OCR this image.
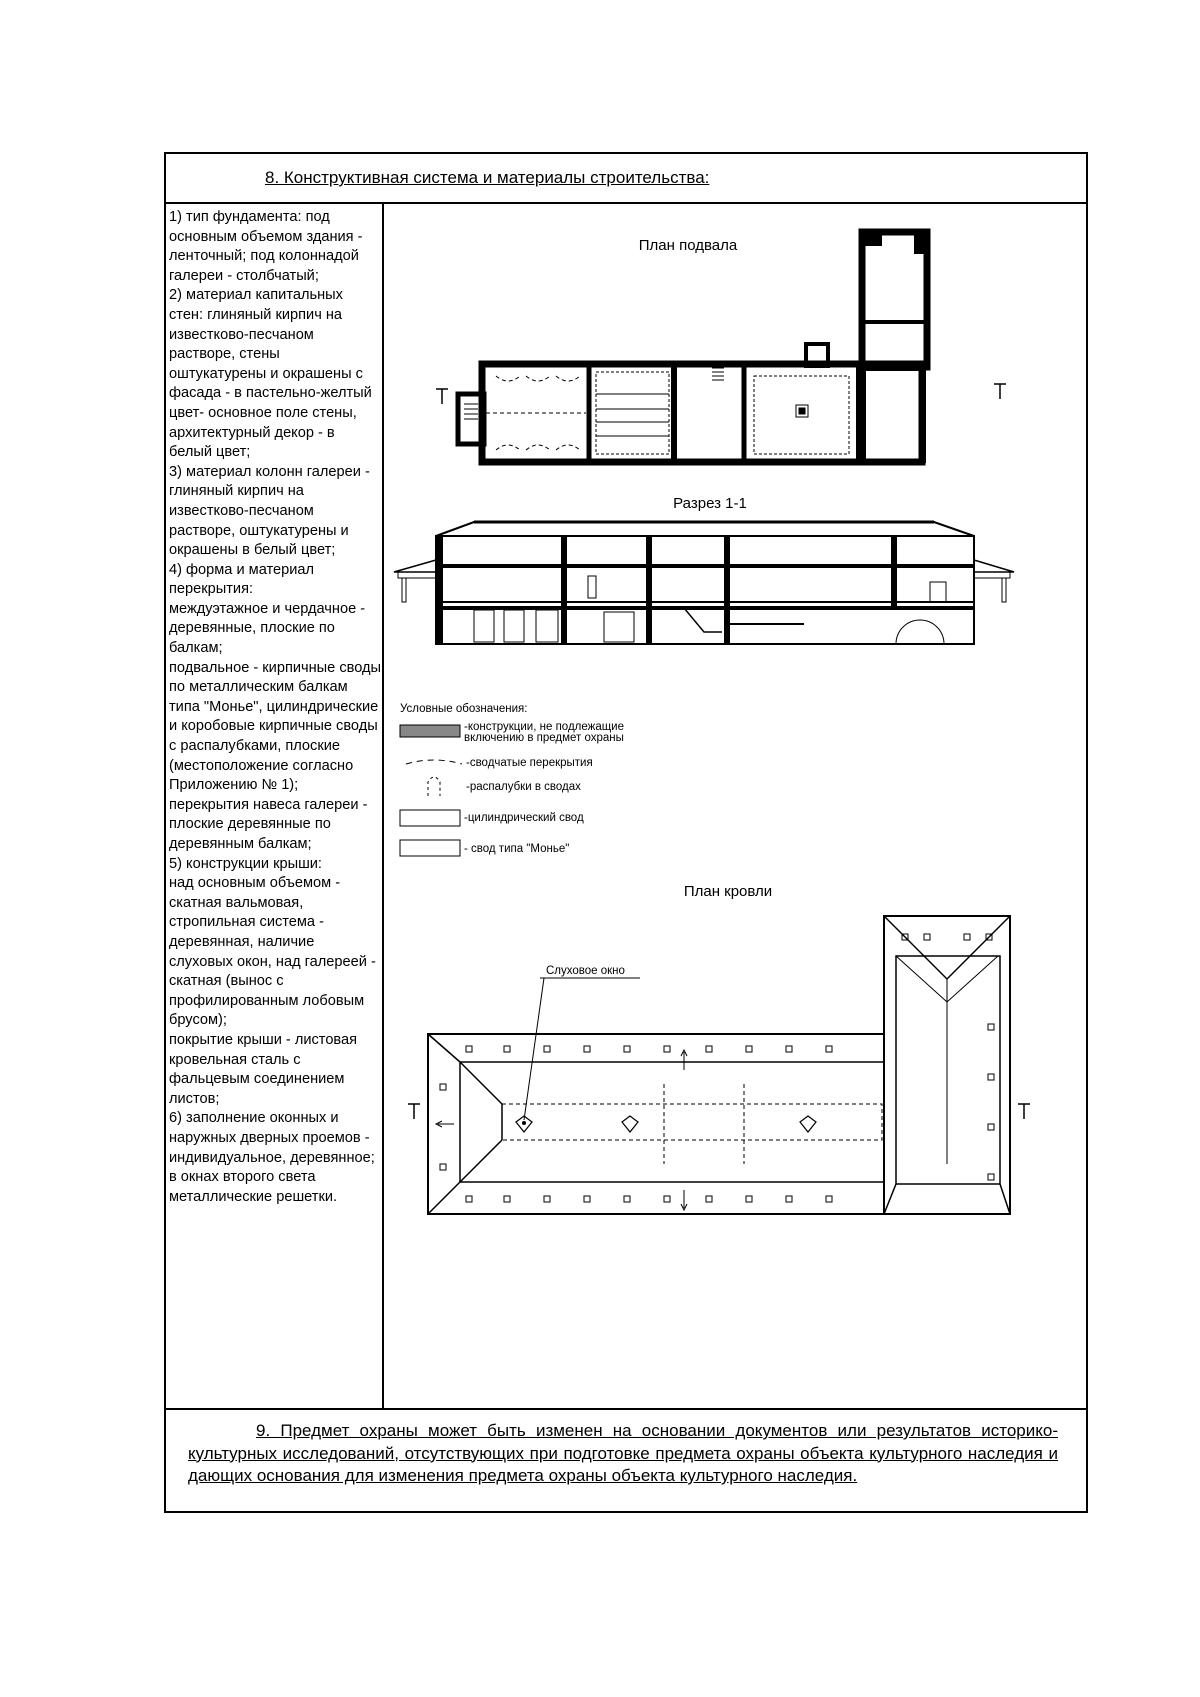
8. Конструктивная система и материалы строительства:
1) тип фундамента: под основным объемом здания - ленточный; под колоннадой галереи - столбчатый;
2) материал капитальных стен: глиняный кирпич на известково-песчаном растворе, стены оштукатурены и окрашены с фасада - в пастельно-желтый цвет- основное поле стены, архитектурный декор - в белый цвет;
3) материал колонн галереи - глиняный кирпич на известково-песчаном растворе, оштукатурены и окрашены в белый цвет;
4) форма и материал перекрытия:
междуэтажное и чердачное - деревянные, плоские по балкам;
подвальное - кирпичные своды по металлическим балкам типа "Монье", цилиндрические и коробовые кирпичные своды с распалубками, плоские (местоположение согласно Приложению № 1);
перекрытия навеса галереи - плоские деревянные по деревянным балкам;
5) конструкции крыши:
над основным объемом - скатная вальмовая, стропильная система - деревянная, наличие слуховых окон, над галереей - скатная (вынос с профилированным лобовым брусом);
покрытие крыши - листовая кровельная сталь с фальцевым соединением листов;
6) заполнение оконных и наружных дверных проемов - индивидуальное, деревянное; в окнах второго света металлические решетки.
План подвала
Разрез 1-1
Условные обозначения:
-конструкции, не подлежащие
включению в предмет охраны
-сводчатые перекрытия
-распалубки в сводах
-цилиндрический свод
- свод типа "Монье"
План кровли
Слуховое окно
9. Предмет охраны может быть изменен на основании документов или результатов историко-культурных исследований, отсутствующих при подготовке предмета охраны объекта культурного наследия и дающих основания для изменения предмета охраны объекта культурного наследия.
